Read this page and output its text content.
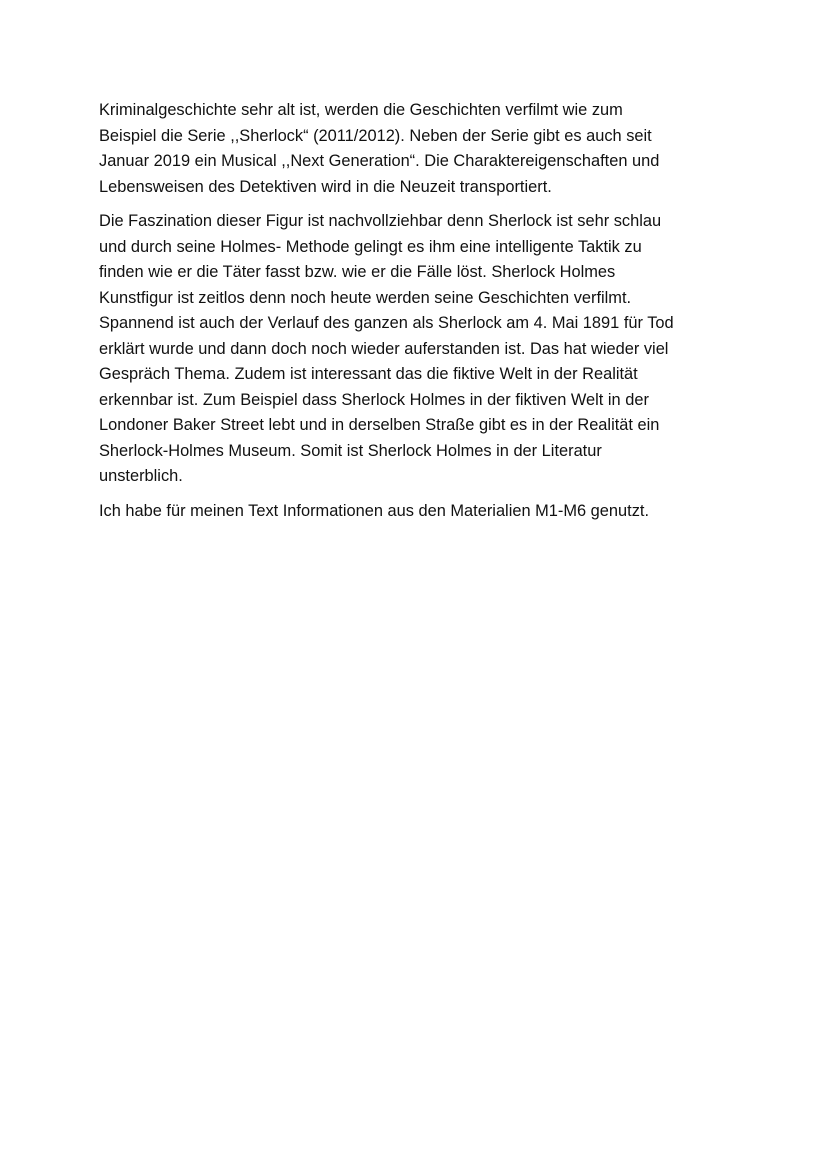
Kriminalgeschichte sehr alt ist, werden die Geschichten verfilmt wie zum
Beispiel die Serie ,,Sherlock“ (2011/2012). Neben der Serie gibt es auch seit
Januar 2019 ein Musical ,,Next Generation“. Die Charaktereigenschaften und
Lebensweisen des Detektiven wird in die Neuzeit transportiert.

Die Faszination dieser Figur ist nachvollziehbar denn Sherlock ist sehr schlau
und durch seine Holmes- Methode gelingt es ihm eine intelligente Taktik zu
finden wie er die Täter fasst bzw. wie er die Fälle löst. Sherlock Holmes
Kunstfigur ist zeitlos denn noch heute werden seine Geschichten verfilmt.
Spannend ist auch der Verlauf des ganzen als Sherlock am 4. Mai 1891 für Tod
erklärt wurde und dann doch noch wieder auferstanden ist. Das hat wieder viel
Gespräch Thema. Zudem ist interessant das die fiktive Welt in der Realität
erkennbar ist. Zum Beispiel dass Sherlock Holmes in der fiktiven Welt in der
Londoner Baker Street lebt und in derselben Straße gibt es in der Realität ein
Sherlock-Holmes Museum. Somit ist Sherlock Holmes in der Literatur
unsterblich.

Ich habe für meinen Text Informationen aus den Materialien M1-M6 genutzt.
